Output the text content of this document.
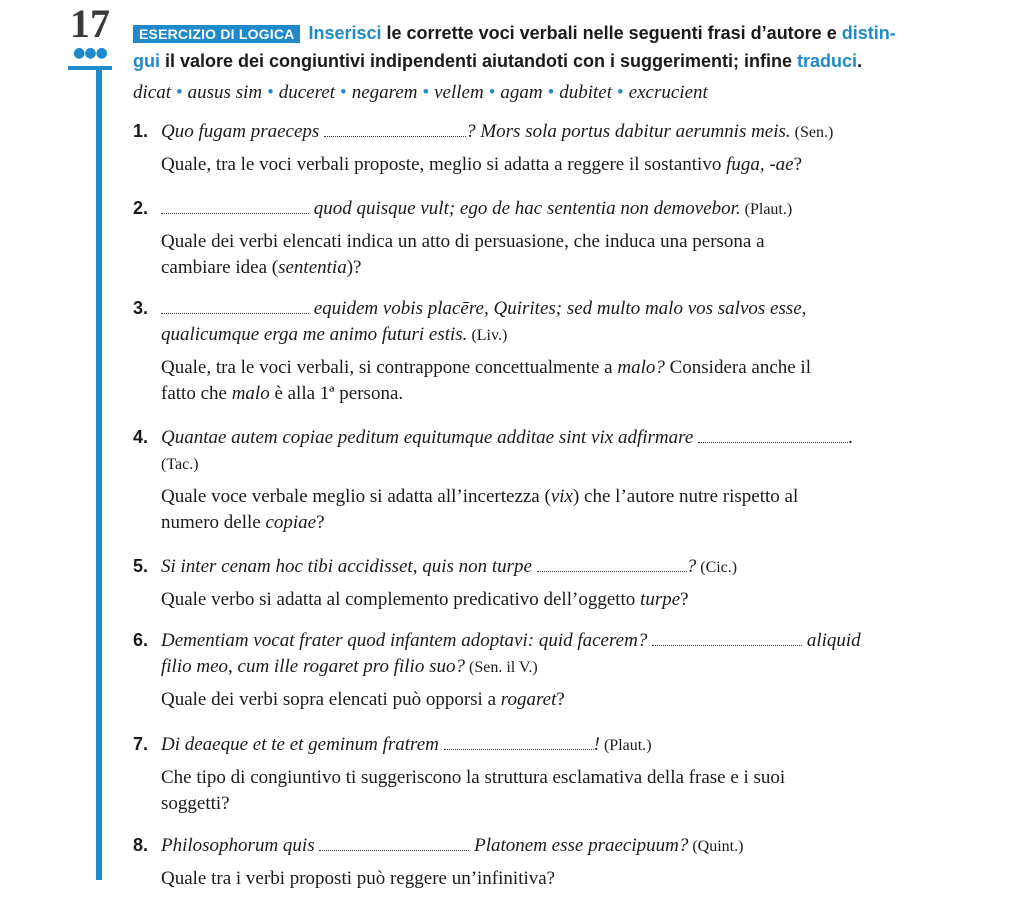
17
●●●
ESERCIZIO DI LOGICA Inserisci le corrette voci verbali nelle seguenti frasi d’autore e distin-
gui il valore dei congiuntivi indipendenti aiutandoti con i suggerimenti; infine traduci.
dicat • ausus sim • duceret • negarem • vellem • agam • dubitet • excrucient
1. Quo fugam praeceps	? Mors sola portus dabitur aerumnis meis. (Sen.)
Quale, tra le voci verbali proposte, meglio si adatta a reggere il sostantivo fuga, -ae?
2.	quod quisque vult; ego de hac sententia non demovebor. (Plaut.)
Quale dei verbi elencati indica un atto di persuasione, che induca una persona a
cambiare idea (sententia)?
3.	equidem vobis placēre, Quirites; sed multo malo vos salvos esse,
qualicumque erga me animo futuri estis. (Liv.)
Quale, tra le voci verbali, si contrappone concettualmente a malo? Considera anche il
fatto che malo è alla 1ª persona.
4. Quantae autem copiae peditum equitumque additae sint vix adfirmare	.
(Tac.)
Quale voce verbale meglio si adatta all’incertezza (vix) che l’autore nutre rispetto al
numero delle copiae?
5. Si inter cenam hoc tibi accidisset, quis non turpe	? (Cic.)
Quale verbo si adatta al complemento predicativo dell’oggetto turpe?
6. Dementiam vocat frater quod infantem adoptavi: quid facerem?	aliquid
filio meo, cum ille rogaret pro filio suo? (Sen. il V.)
Quale dei verbi sopra elencati può opporsi a rogaret?
7. Di deaeque et te et geminum fratrem	! (Plaut.)
Che tipo di congiuntivo ti suggeriscono la struttura esclamativa della frase e i suoi
soggetti?
8. Philosophorum quis	Platonem esse praecipuum? (Quint.)
Quale tra i verbi proposti può reggere un’infinitiva?
